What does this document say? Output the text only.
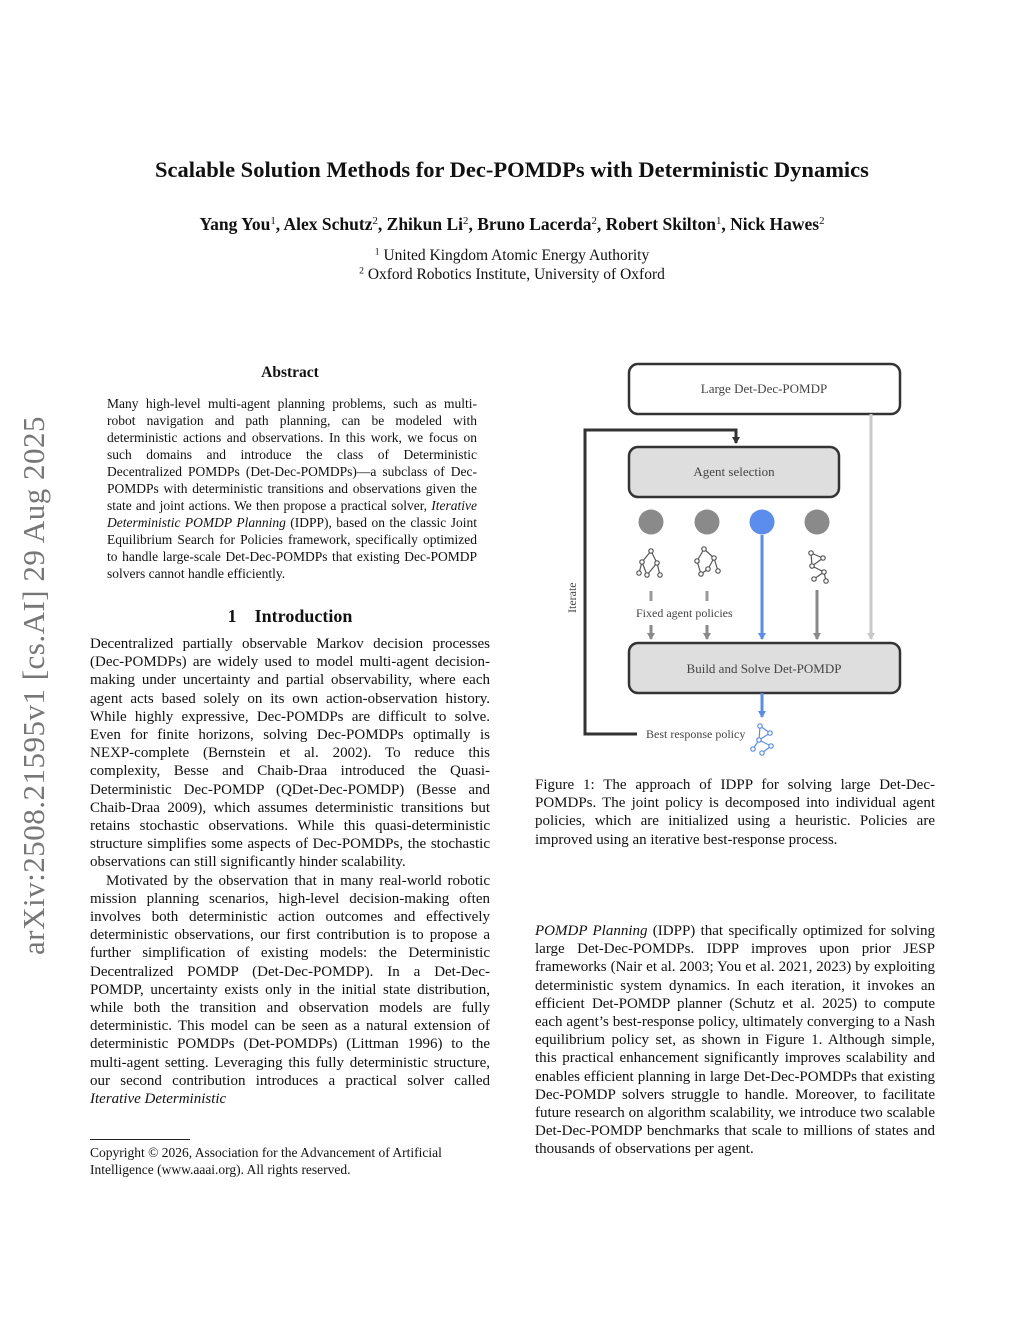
arXiv:2508.21595v1 [cs.AI] 29 Aug 2025
Scalable Solution Methods for Dec-POMDPs with Deterministic Dynamics
Yang You$^1$, Alex Schutz$^2$, Zhikun Li$^2$, Bruno Lacerda$^2$, Robert Skilton$^1$, Nick Hawes$^2$
$^1$ United Kingdom Atomic Energy Authority
$^2$ Oxford Robotics Institute, University of Oxford
Abstract
Many high-level multi-agent planning problems, such as multi-robot navigation and path planning, can be modeled with deterministic actions and observations. In this work, we focus on such domains and introduce the class of Deterministic Decentralized POMDPs (Det-Dec-POMDPs)—a subclass of Dec-POMDPs with deterministic transitions and observations given the state and joint actions. We then propose a practical solver, Iterative Deterministic POMDP Planning (IDPP), based on the classic Joint Equilibrium Search for Policies framework, specifically optimized to handle large-scale Det-Dec-POMDPs that existing Dec-POMDP solvers cannot handle efficiently.
1 Introduction

Decentralized partially observable Markov decision processes (Dec-POMDPs) are widely used to model multi-agent decision-making under uncertainty and partial observability, where each agent acts based solely on its own action-observation history. While highly expressive, Dec-POMDPs are difficult to solve. Even for finite horizons, solving Dec-POMDPs optimally is NEXP-complete (Bernstein et al. 2002). To reduce this complexity, Besse and Chaib-Draa introduced the Quasi-Deterministic Dec-POMDP (QDet-Dec-POMDP) (Besse and Chaib-Draa 2009), which assumes deterministic transitions but retains stochastic observations. While this quasi-deterministic structure simplifies some aspects of Dec-POMDPs, the stochastic observations can still significantly hinder scalability.

Motivated by the observation that in many real-world robotic mission planning scenarios, high-level decision-making often involves both deterministic action outcomes and effectively deterministic observations, our first contribution is to propose a further simplification of existing models: the Deterministic Decentralized POMDP (Det-Dec-POMDP). In a Det-Dec-POMDP, uncertainty exists only in the initial state distribution, while both the transition and observation models are fully deterministic. This model can be seen as a natural extension of deterministic POMDPs (Det-POMDPs) (Littman 1996) to the multi-agent setting. Leveraging this fully deterministic structure, our second contribution introduces a practical solver called Iterative Deterministic

Copyright © 2026, Association for the Advancement of Artificial Intelligence (www.aaai.org). All rights reserved.
Large Det-Dec-POMDP
Iterate
Agent selection
Fixed agent policies
Build and Solve Det-POMDP
Best response policy
Figure 1: The approach of IDPP for solving large Det-Dec-POMDPs. The joint policy is decomposed into individual agent policies, which are initialized using a heuristic. Policies are improved using an iterative best-response process.

POMDP Planning (IDPP) that specifically optimized for solving large Det-Dec-POMDPs. IDPP improves upon prior JESP frameworks (Nair et al. 2003; You et al. 2021, 2023) by exploiting deterministic system dynamics. In each iteration, it invokes an efficient Det-POMDP planner (Schutz et al. 2025) to compute each agent’s best-response policy, ultimately converging to a Nash equilibrium policy set, as shown in Figure 1. Although simple, this practical enhancement significantly improves scalability and enables efficient planning in large Det-Dec-POMDPs that existing Dec-POMDP solvers struggle to handle. Moreover, to facilitate future research on algorithm scalability, we introduce two scalable Det-Dec-POMDP benchmarks that scale to millions of states and thousands of observations per agent.
